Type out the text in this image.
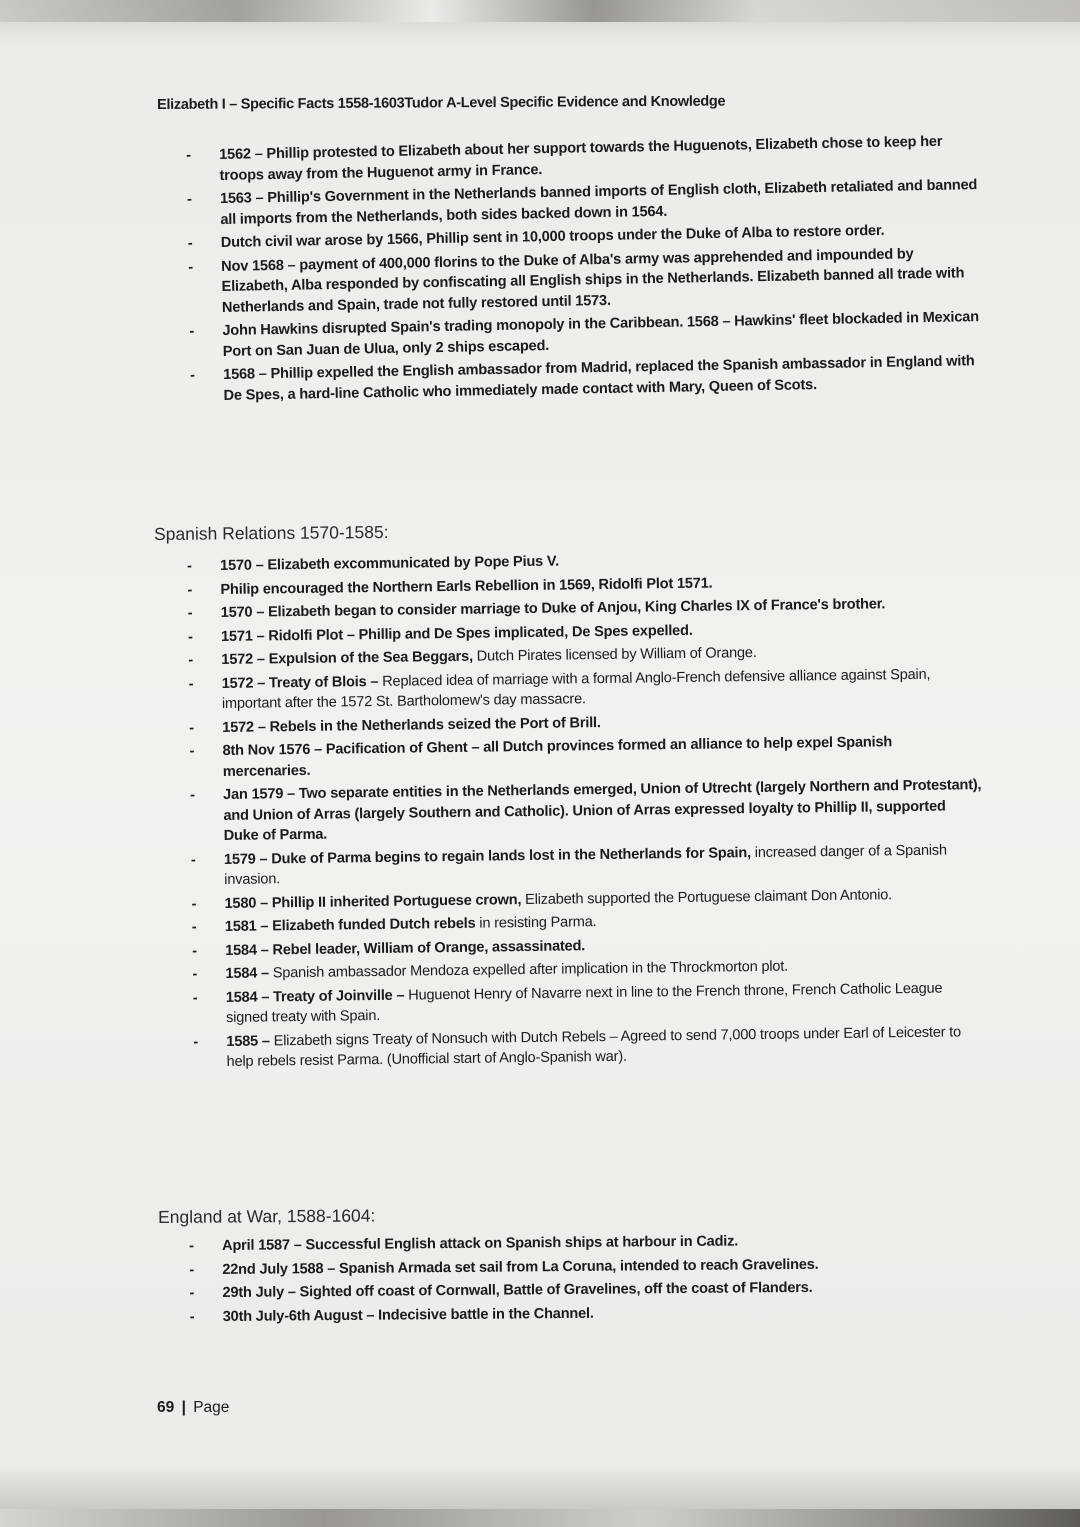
Elizabeth I – Specific Facts 1558-1603Tudor A-Level Specific Evidence and Knowledge
- 1562 – Phillip protested to Elizabeth about her support towards the Huguenots, Elizabeth chose to keep her troops away from the Huguenot army in France.
- 1563 – Phillip's Government in the Netherlands banned imports of English cloth, Elizabeth retaliated and banned all imports from the Netherlands, both sides backed down in 1564.
- Dutch civil war arose by 1566, Phillip sent in 10,000 troops under the Duke of Alba to restore order.
- Nov 1568 – payment of 400,000 florins to the Duke of Alba's army was apprehended and impounded by Elizabeth, Alba responded by confiscating all English ships in the Netherlands. Elizabeth banned all trade with Netherlands and Spain, trade not fully restored until 1573.
- John Hawkins disrupted Spain's trading monopoly in the Caribbean. 1568 – Hawkins' fleet blockaded in Mexican Port on San Juan de Ulua, only 2 ships escaped.
- 1568 – Phillip expelled the English ambassador from Madrid, replaced the Spanish ambassador in England with De Spes, a hard-line Catholic who immediately made contact with Mary, Queen of Scots.
Spanish Relations 1570-1585:
- 1570 – Elizabeth excommunicated by Pope Pius V.
- Philip encouraged the Northern Earls Rebellion in 1569, Ridolfi Plot 1571.
- 1570 – Elizabeth began to consider marriage to Duke of Anjou, King Charles IX of France's brother.
- 1571 – Ridolfi Plot – Phillip and De Spes implicated, De Spes expelled.
- 1572 – Expulsion of the Sea Beggars, Dutch Pirates licensed by William of Orange.
- 1572 – Treaty of Blois – Replaced idea of marriage with a formal Anglo-French defensive alliance against Spain, important after the 1572 St. Bartholomew's day massacre.
- 1572 – Rebels in the Netherlands seized the Port of Brill.
- 8th Nov 1576 – Pacification of Ghent – all Dutch provinces formed an alliance to help expel Spanish mercenaries.
- Jan 1579 – Two separate entities in the Netherlands emerged, Union of Utrecht (largely Northern and Protestant), and Union of Arras (largely Southern and Catholic). Union of Arras expressed loyalty to Phillip II, supported Duke of Parma.
- 1579 – Duke of Parma begins to regain lands lost in the Netherlands for Spain, increased danger of a Spanish invasion.
- 1580 – Phillip II inherited Portuguese crown, Elizabeth supported the Portuguese claimant Don Antonio.
- 1581 – Elizabeth funded Dutch rebels in resisting Parma.
- 1584 – Rebel leader, William of Orange, assassinated.
- 1584 – Spanish ambassador Mendoza expelled after implication in the Throckmorton plot.
- 1584 – Treaty of Joinville – Huguenot Henry of Navarre next in line to the French throne, French Catholic League signed treaty with Spain.
- 1585 – Elizabeth signs Treaty of Nonsuch with Dutch Rebels – Agreed to send 7,000 troops under Earl of Leicester to help rebels resist Parma. (Unofficial start of Anglo-Spanish war).
England at War, 1588-1604:
- April 1587 – Successful English attack on Spanish ships at harbour in Cadiz.
- 22nd July 1588 – Spanish Armada set sail from La Coruna, intended to reach Gravelines.
- 29th July – Sighted off coast of Cornwall, Battle of Gravelines, off the coast of Flanders.
- 30th July-6th August – Indecisive battle in the Channel.
69 | Page
